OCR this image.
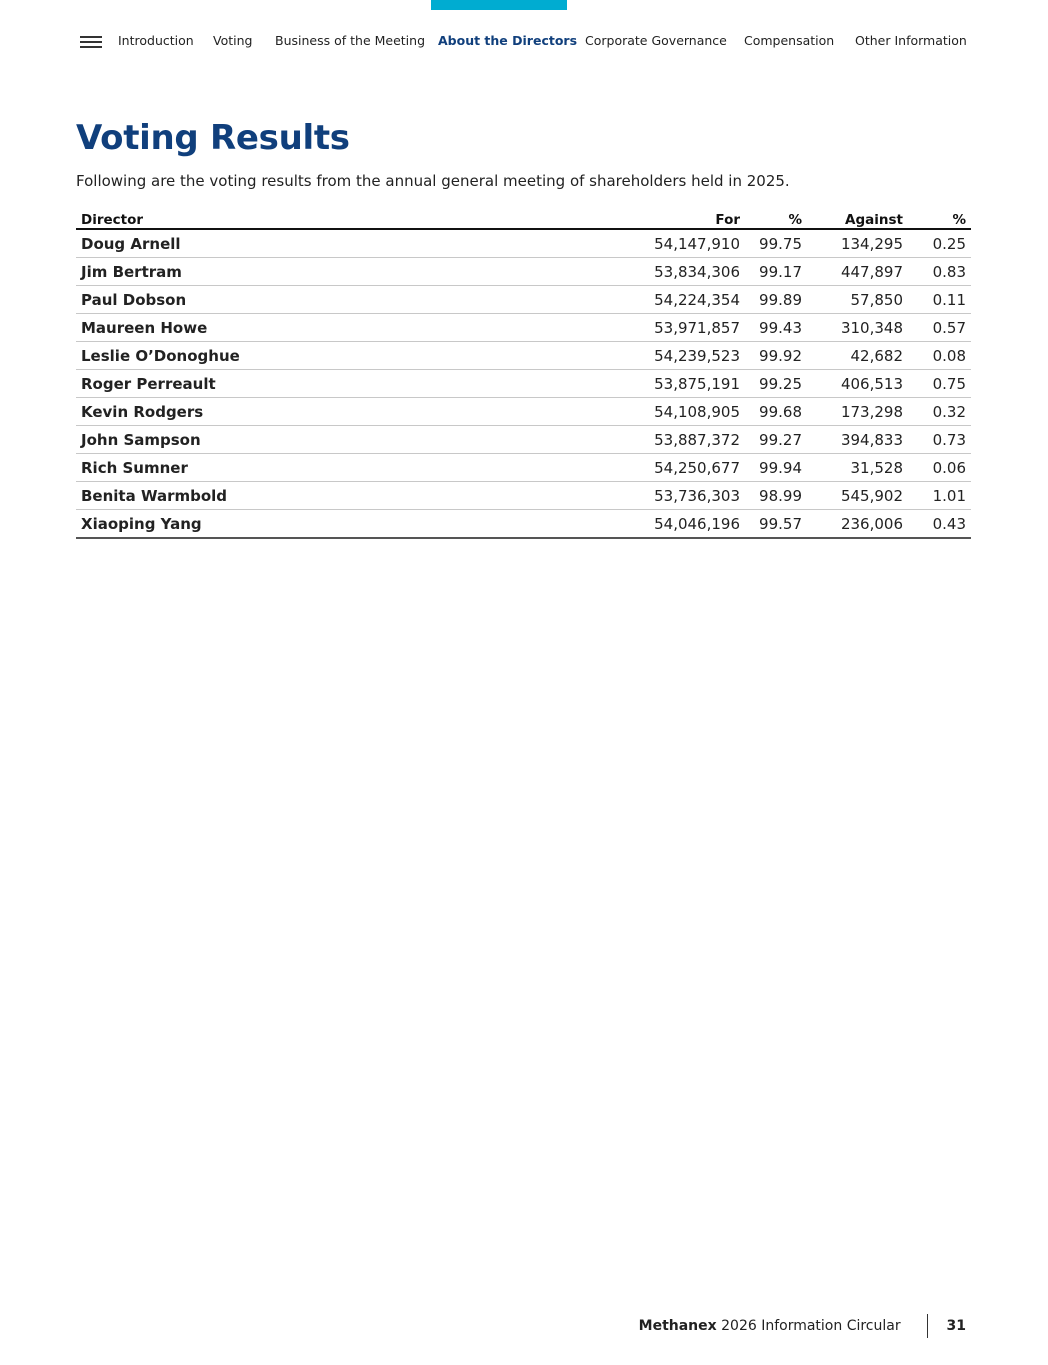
Introduction Voting Business of the Meeting About the Directors Corporate Governance Compensation Other Information
Voting Results

Following are the voting results from the annual general meeting of shareholders held in 2025.

Director	For	%	Against	%
Doug Arnell	54,147,910	99.75	134,295	0.25
Jim Bertram	53,834,306	99.17	447,897	0.83
Paul Dobson	54,224,354	99.89	57,850	0.11
Maureen Howe	53,971,857	99.43	310,348	0.57
Leslie O’Donoghue	54,239,523	99.92	42,682	0.08
Roger Perreault	53,875,191	99.25	406,513	0.75
Kevin Rodgers	54,108,905	99.68	173,298	0.32
John Sampson	53,887,372	99.27	394,833	0.73
Rich Sumner	54,250,677	99.94	31,528	0.06
Benita Warmbold	53,736,303	98.99	545,902	1.01
Xiaoping Yang	54,046,196	99.57	236,006	0.43
Methanex 2026 Information Circular	31
